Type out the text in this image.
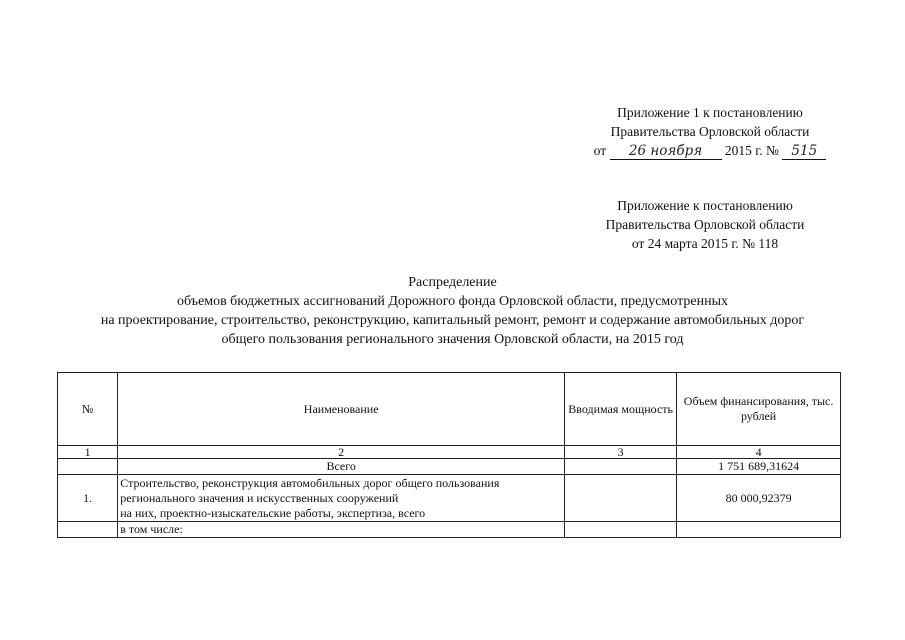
Приложение 1 к постановлению
Правительства Орловской области
от 26 ноября 2015 г. № 515
Приложение к постановлению
Правительства Орловской области
от 24 марта 2015 г. № 118
Распределение
объемов бюджетных ассигнований Дорожного фонда Орловской области, предусмотренных
на проектирование, строительство, реконструкцию, капитальный ремонт, ремонт и содержание автомобильных дорог
общего пользования регионального значения Орловской области, на 2015 год
№	Наименование	Вводимая мощность	Объем финансирования, тыс. рублей
1	2	3	4
	Всего		1 751 689,31624
1.	Строительство, реконструкция автомобильных дорог общего пользования
регионального значения и искусственных сооружений
на них, проектно-изыскательские работы, экспертиза, всего		80 000,92379
	в том числе:		
